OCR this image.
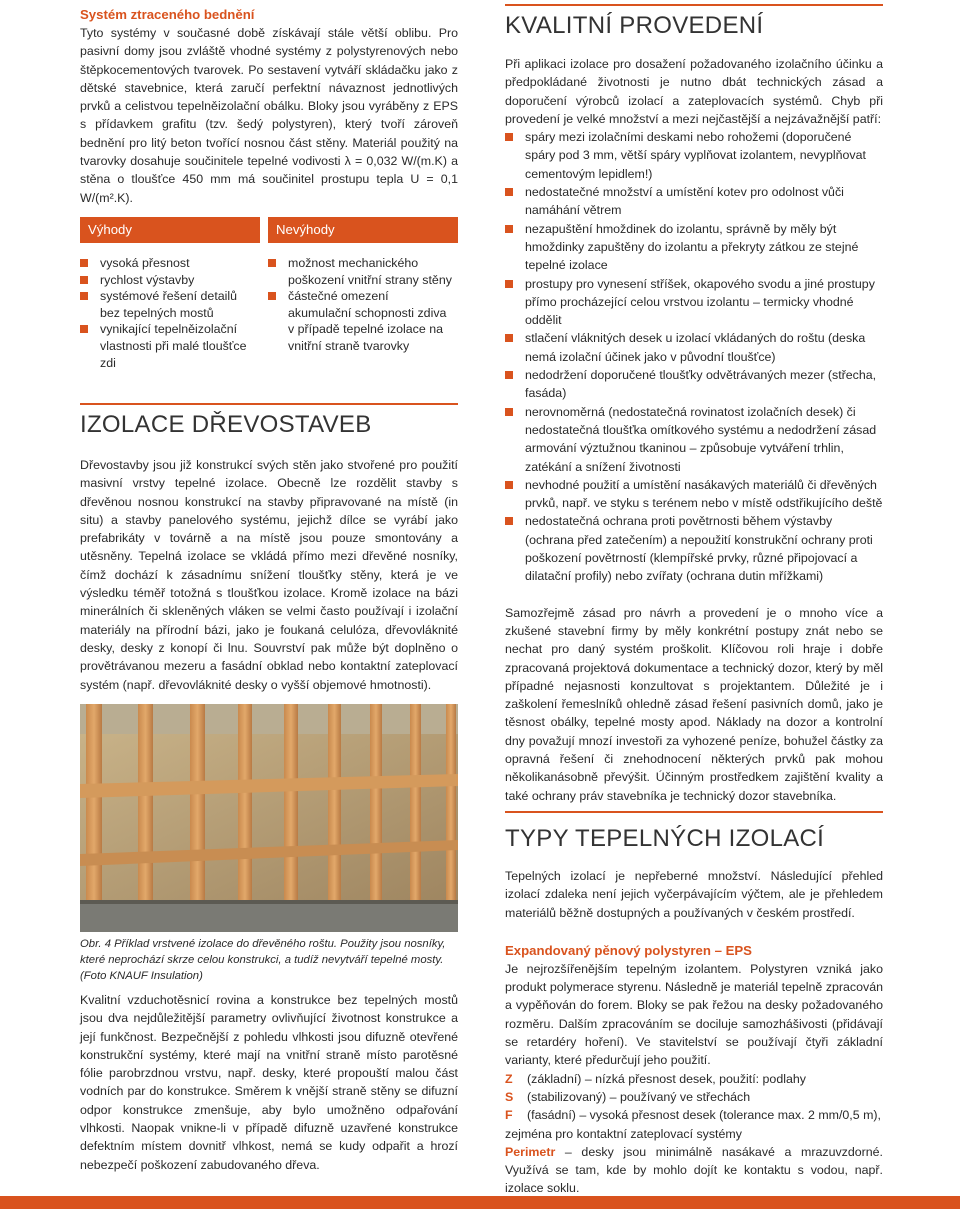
Systém ztraceného bednění

Tyto systémy v současné době získávají stále větší oblibu. Pro pasivní domy jsou zvláště vhodné systémy z polystyrenových nebo štěpkocementových tvarovek. Po sestavení vytváří skládačku jako z dětské stavebnice, která zaručí perfektní návaznost jednotlivých prvků a celistvou tepelněizolační obálku. Bloky jsou vyráběny z EPS s přídavkem grafitu (tzv. šedý polystyren), který tvoří zároveň bednění pro litý beton tvořící nosnou část stěny. Materiál použitý na tvarovky dosahuje součinitele tepelné vodivosti λ = 0,032 W/(m.K) a stěna o tloušťce 450 mm má součinitel prostupu tepla U = 0,1 W/(m².K).

Výhody
vysoká přesnost
rychlost výstavby
systémové řešení detailů bez tepelných mostů
vynikající tepelněizolační vlastnosti při malé tloušťce zdi
Nevýhody
možnost mechanického poškození vnitřní strany stěny
částečné omezení akumulační schopnosti zdiva v případě tepelné izolace na vnitřní straně tvarovky
IZOLACE DŘEVOSTAVEB

Dřevostavby jsou již konstrukcí svých stěn jako stvořené pro použití masivní vrstvy tepelné izolace. Obecně lze rozdělit stavby s dřevěnou nosnou konstrukcí na stavby připravované na místě (in situ) a stavby panelového systému, jejichž dílce se vyrábí jako prefabrikáty v továrně a na místě jsou pouze smontovány a utěsněny. Tepelná izolace se vkládá přímo mezi dřevěné nosníky, čímž dochází k zásadnímu snížení tloušťky stěny, která je ve výsledku téměř totožná s tloušťkou izolace. Kromě izolace na bázi minerálních či skleněných vláken se velmi často používají i izolační materiály na přírodní bázi, jako je foukaná celulóza, dřevovláknité desky, desky z konopí či lnu. Souvrství pak může být doplněno o provětrávanou mezeru a fasádní obklad nebo kontaktní zateplovací systém (např. dřevovláknité desky o vyšší objemové hmotnosti).

Obr. 4 Příklad vrstvené izolace do dřevěného roštu. Použity jsou nosníky, které neprochází skrze celou konstrukci, a tudíž nevytváří tepelné mosty. (Foto KNAUF Insulation)

Kvalitní vzduchotěsnicí rovina a konstrukce bez tepelných mostů jsou dva nejdůležitější parametry ovlivňující životnost konstrukce a její funkčnost. Bezpečnější z pohledu vlhkosti jsou difuzně otevřené konstrukční systémy, které mají na vnitřní straně místo parotěsné fólie parobrzdnou vrstvu, např. desky, které propouští malou část vodních par do konstrukce. Směrem k vnější straně stěny se difuzní odpor konstrukce zmenšuje, aby bylo umožněno odpařování vlhkosti. Naopak vnikne-li v případě difuzně uzavřené konstrukce defektním místem dovnitř vlhkost, nemá se kudy odpařit a hrozí nebezpečí poškození zabudovaného dřeva.

KVALITNÍ PROVEDENÍ

Při aplikaci izolace pro dosažení požadovaného izolačního účinku a předpokládané životnosti je nutno dbát technických zásad a doporučení výrobců izolací a zateplovacích systémů. Chyb při provedení je velké množství a mezi nejčastější a nejzávažnější patří:

spáry mezi izolačními deskami nebo rohožemi (doporučené spáry pod 3 mm, větší spáry vyplňovat izolantem, nevyplňovat cementovým lepidlem!)
nedostatečné množství a umístění kotev pro odolnost vůči namáhání větrem
nezapuštění hmoždinek do izolantu, správně by měly být hmoždinky zapuštěny do izolantu a překryty zátkou ze stejné tepelné izolace
prostupy pro vynesení stříšek, okapového svodu a jiné prostupy přímo procházející celou vrstvou izolantu – termicky vhodné oddělit
stlačení vláknitých desek u izolací vkládaných do roštu (deska nemá izolační účinek jako v původní tloušťce)
nedodržení doporučené tloušťky odvětrávaných mezer (střecha, fasáda)
nerovnoměrná (nedostatečná rovinatost izolačních desek) či nedostatečná tloušťka omítkového systému a nedodržení zásad armování výztužnou tkaninou – způsobuje vytváření trhlin, zatékání a snížení životnosti
nevhodné použití a umístění nasákavých materiálů či dřevěných prvků, např. ve styku s terénem nebo v místě odstřikujícího deště
nedostatečná ochrana proti povětrnosti během výstavby (ochrana před zatečením) a nepoužití konstrukční ochrany proti poškození povětrností (klempířské prvky, různé připojovací a dilatační profily) nebo zvířaty (ochrana dutin mřížkami)

Samozřejmě zásad pro návrh a provedení je o mnoho více a zkušené stavební firmy by měly konkrétní postupy znát nebo se nechat pro daný systém proškolit. Klíčovou roli hraje i dobře zpracovaná projektová dokumentace a technický dozor, který by měl případné nejasnosti konzultovat s projektantem. Důležité je i zaškolení řemeslníků ohledně zásad řešení pasivních domů, jako je těsnost obálky, tepelné mosty apod. Náklady na dozor a kontrolní dny považují mnozí investoři za vyhozené peníze, bohužel částky za opravná řešení či znehodnocení některých prvků pak mohou několikanásobně převýšit. Účinným prostředkem zajištění kvality a také ochrany práv stavebníka je technický dozor stavebníka.

TYPY TEPELNÝCH IZOLACÍ

Tepelných izolací je nepřeberné množství. Následující přehled izolací zdaleka není jejich vyčerpávajícím výčtem, ale je přehledem materiálů běžně dostupných a používaných v českém prostředí.

Expandovaný pěnový polystyren – EPS

Je nejrozšířenějším tepelným izolantem. Polystyren vzniká jako produkt polymerace styrenu. Následně je materiál tepelně zpracován a vypěňován do forem. Bloky se pak řežou na desky požadovaného rozměru. Dalším zpracováním se dociluje samozhášivosti (přidávají se retardéry hoření). Ve stavitelství se používají čtyři základní varianty, které předurčují jeho použití.

Z (základní) – nízká přesnost desek, použití: podlahy
S (stabilizovaný) – používaný ve střechách
F (fasádní) – vysoká přesnost desek (tolerance max. 2 mm/0,5 m), zejména pro kontaktní zateplovací systémy

Perimetr – desky jsou minimálně nasákavé a mrazuvzdorné. Využívá se tam, kde by mohlo dojít ke kontaktu s vodou, např. izolace soklu.
